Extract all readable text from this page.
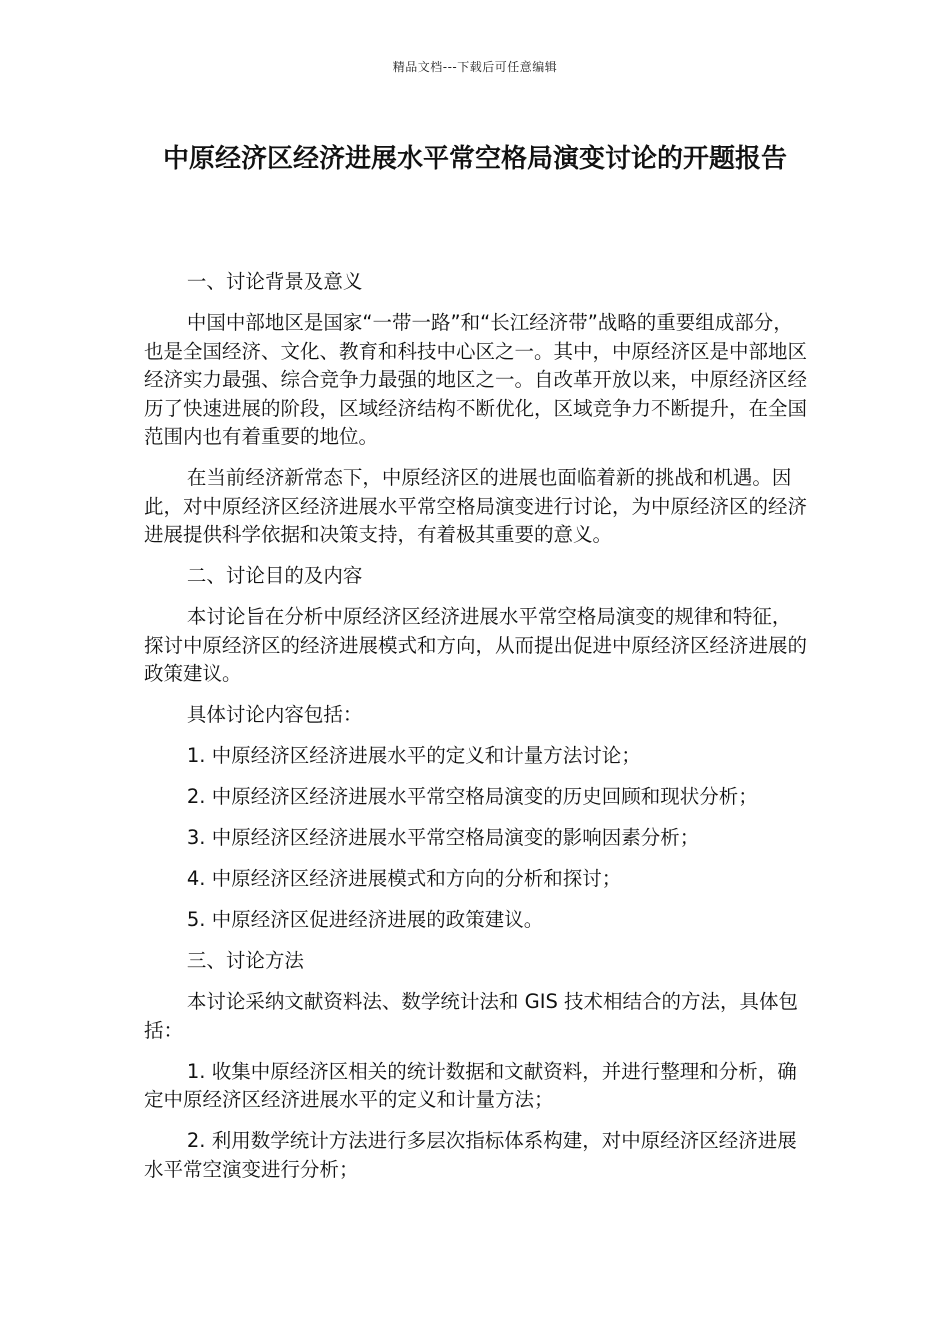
精品文档---下载后可任意编辑
中原经济区经济进展水平常空格局演变讨论的开题报告

一、讨论背景及意义

中国中部地区是国家“一带一路”和“长江经济带”战略的重要组成部分，也是全国经济、文化、教育和科技中心区之一。其中，中原经济区是中部地区经济实力最强、综合竞争力最强的地区之一。自改革开放以来，中原经济区经历了快速进展的阶段，区域经济结构不断优化，区域竞争力不断提升，在全国范围内也有着重要的地位。

在当前经济新常态下，中原经济区的进展也面临着新的挑战和机遇。因此，对中原经济区经济进展水平常空格局演变进行讨论，为中原经济区的经济进展提供科学依据和决策支持，有着极其重要的意义。

二、讨论目的及内容

本讨论旨在分析中原经济区经济进展水平常空格局演变的规律和特征，探讨中原经济区的经济进展模式和方向，从而提出促进中原经济区经济进展的政策建议。

具体讨论内容包括：

1. 中原经济区经济进展水平的定义和计量方法讨论；

2. 中原经济区经济进展水平常空格局演变的历史回顾和现状分析；

3. 中原经济区经济进展水平常空格局演变的影响因素分析；

4. 中原经济区经济进展模式和方向的分析和探讨；

5. 中原经济区促进经济进展的政策建议。

三、讨论方法

本讨论采纳文献资料法、数学统计法和 GIS 技术相结合的方法，具体包括：

1. 收集中原经济区相关的统计数据和文献资料，并进行整理和分析，确定中原经济区经济进展水平的定义和计量方法；

2. 利用数学统计方法进行多层次指标体系构建，对中原经济区经济进展水平常空演变进行分析；
